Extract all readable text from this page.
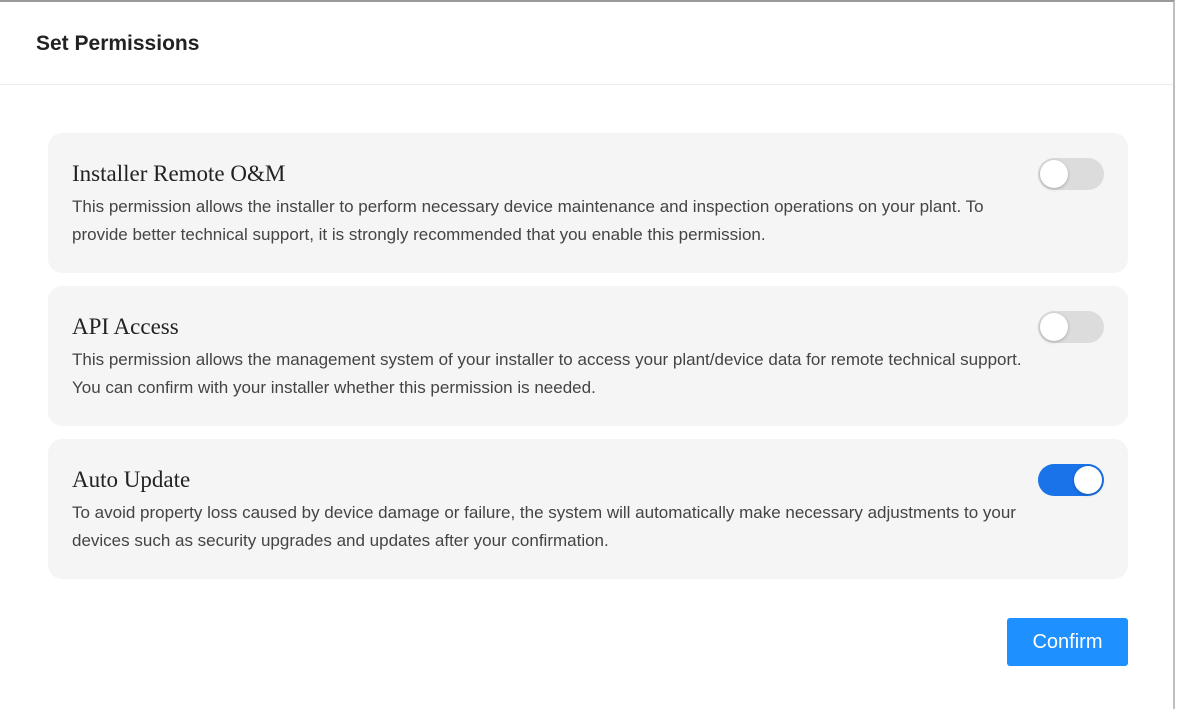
Set Permissions
Installer Remote O&M
This permission allows the installer to perform necessary device maintenance and inspection operations on your plant. To provide better technical support, it is strongly recommended that you enable this permission.
API Access
This permission allows the management system of your installer to access your plant/device data for remote technical support. You can confirm with your installer whether this permission is needed.
Auto Update
To avoid property loss caused by device damage or failure, the system will automatically make necessary adjustments to your devices such as security upgrades and updates after your confirmation.
Confirm
